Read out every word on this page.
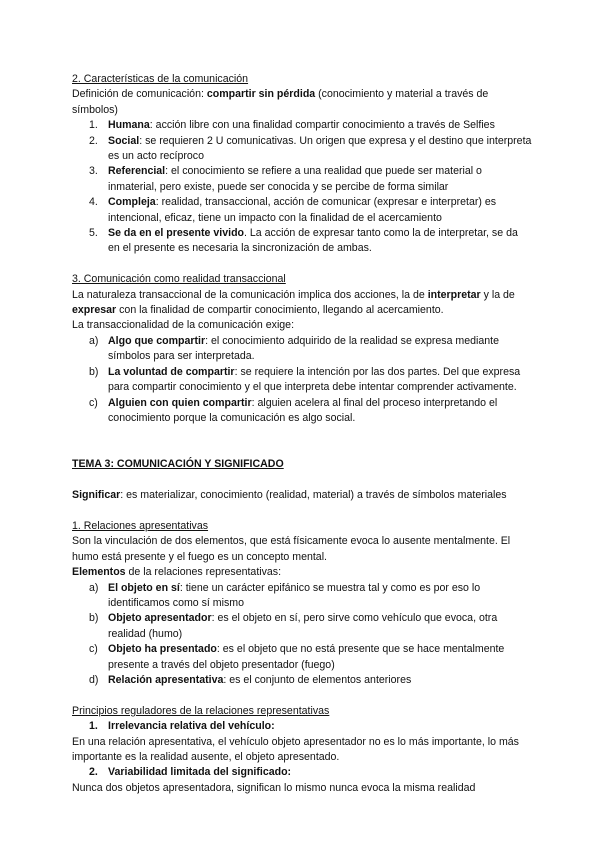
2. Características de la comunicación

Definición de comunicación: compartir sin pérdida (conocimiento y material a través de símbolos)

1. Humana: acción libre con una finalidad compartir conocimiento a través de Selfies
2. Social: se requieren 2 U comunicativas. Un origen que expresa y el destino que interpreta es un acto recíproco
3. Referencial: el conocimiento se refiere a una realidad que puede ser material o inmaterial, pero existe, puede ser conocida y se percibe de forma similar
4. Compleja: realidad, transaccional, acción de comunicar (expresar e interpretar) es intencional, eficaz, tiene un impacto con la finalidad de el acercamiento
5. Se da en el presente vivido. La acción de expresar tanto como la de interpretar, se da en el presente es necesaria la sincronización de ambas.

3. Comunicación como realidad transaccional

La naturaleza transaccional de la comunicación implica dos acciones, la de interpretar y la de expresar con la finalidad de compartir conocimiento, llegando al acercamiento.

La transaccionalidad de la comunicación exige:

a) Algo que compartir: el conocimiento adquirido de la realidad se expresa mediante símbolos para ser interpretada.
b) La voluntad de compartir: se requiere la intención por las dos partes. Del que expresa para compartir conocimiento y el que interpreta debe intentar comprender activamente.
c) Alguien con quien compartir: alguien acelera al final del proceso interpretando el conocimiento porque la comunicación es algo social.

TEMA 3: COMUNICACIÓN Y SIGNIFICADO

Significar: es materializar, conocimiento (realidad, material) a través de símbolos materiales

1. Relaciones apresentativas

Son la vinculación de dos elementos, que está físicamente evoca lo ausente mentalmente. El humo está presente y el fuego es un concepto mental.

Elementos de la relaciones representativas:

a) El objeto en sí: tiene un carácter epifánico se muestra tal y como es por eso lo identificamos como sí mismo
b) Objeto apresentador: es el objeto en sí, pero sirve como vehículo que evoca, otra realidad (humo)
c) Objeto ha presentado: es el objeto que no está presente que se hace mentalmente presente a través del objeto presentador (fuego)
d) Relación apresentativa: es el conjunto de elementos anteriores

Principios reguladores de la relaciones representativas

1. Irrelevancia relativa del vehículo:

En una relación apresentativa, el vehículo objeto apresentador no es lo más importante, lo más importante es la realidad ausente, el objeto apresentado.

2. Variabilidad limitada del significado:

Nunca dos objetos apresentadora, significan lo mismo nunca evoca la misma realidad
